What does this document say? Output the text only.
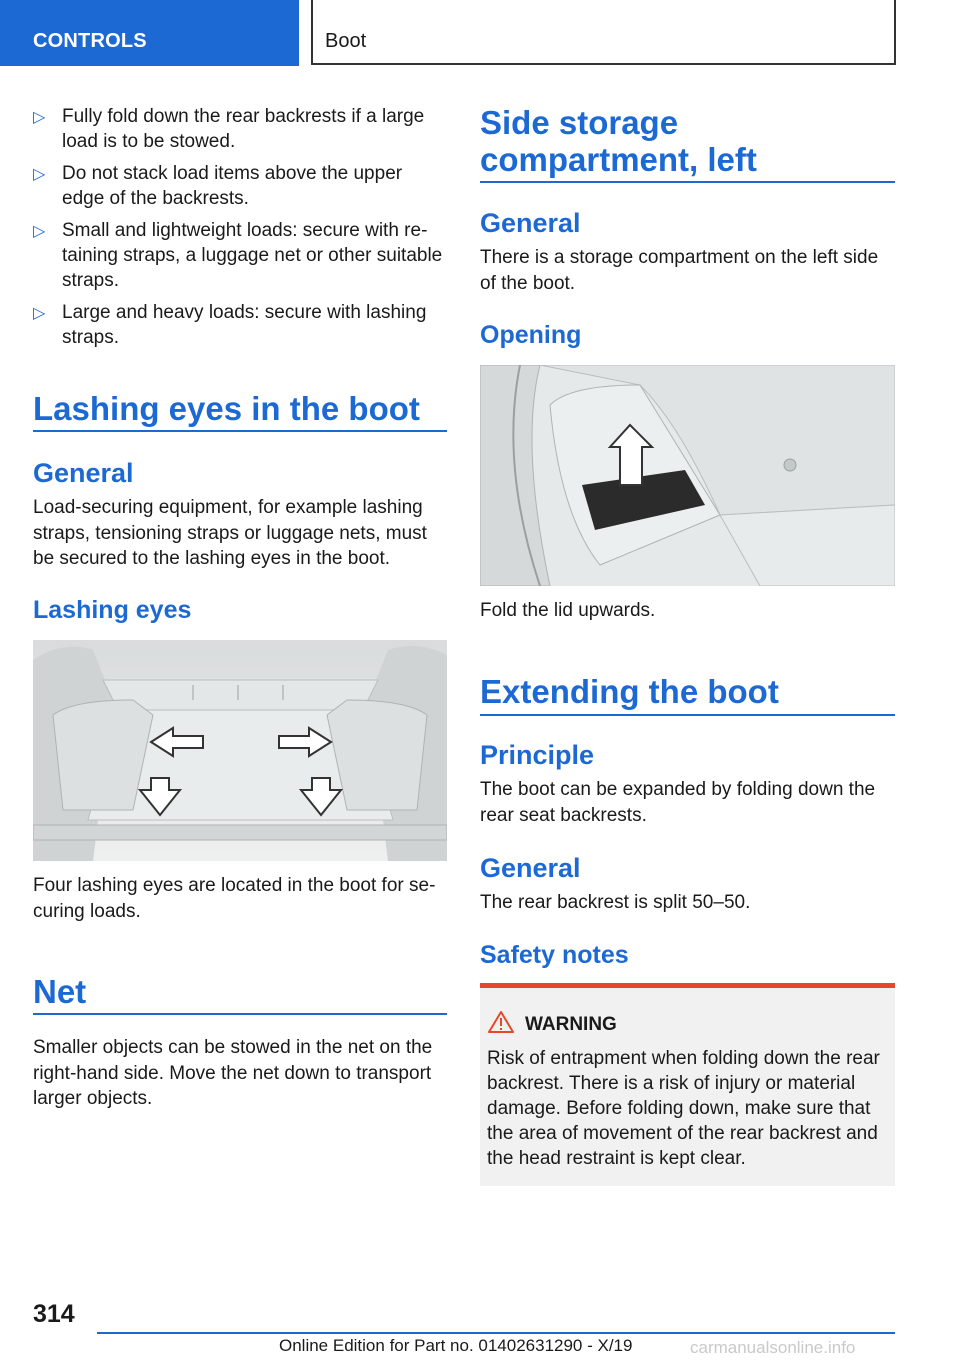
CONTROLS	Boot
▷ Fully fold down the rear backrests if a large load is to be stowed.
▷ Do not stack load items above the upper edge of the backrests.
▷ Small and lightweight loads: secure with retaining straps, a luggage net or other suitable straps.
▷ Large and heavy loads: secure with lashing straps.
Lashing eyes in the boot
General
Load-securing equipment, for example lashing straps, tensioning straps or luggage nets, must be secured to the lashing eyes in the boot.
Lashing eyes
Four lashing eyes are located in the boot for securing loads.
Net
Smaller objects can be stowed in the net on the right-hand side. Move the net down to transport larger objects.
Side storage compartment, left
General
There is a storage compartment on the left side of the boot.
Opening
Fold the lid upwards.
Extending the boot
Principle
The boot can be expanded by folding down the rear seat backrests.
General
The rear backrest is split 50–50.
Safety notes
WARNING
Risk of entrapment when folding down the rear backrest. There is a risk of injury or material damage. Before folding down, make sure that the area of movement of the rear backrest and the head restraint is kept clear.
314
Online Edition for Part no. 01402631290 - X/19	carmanualsonline.info
